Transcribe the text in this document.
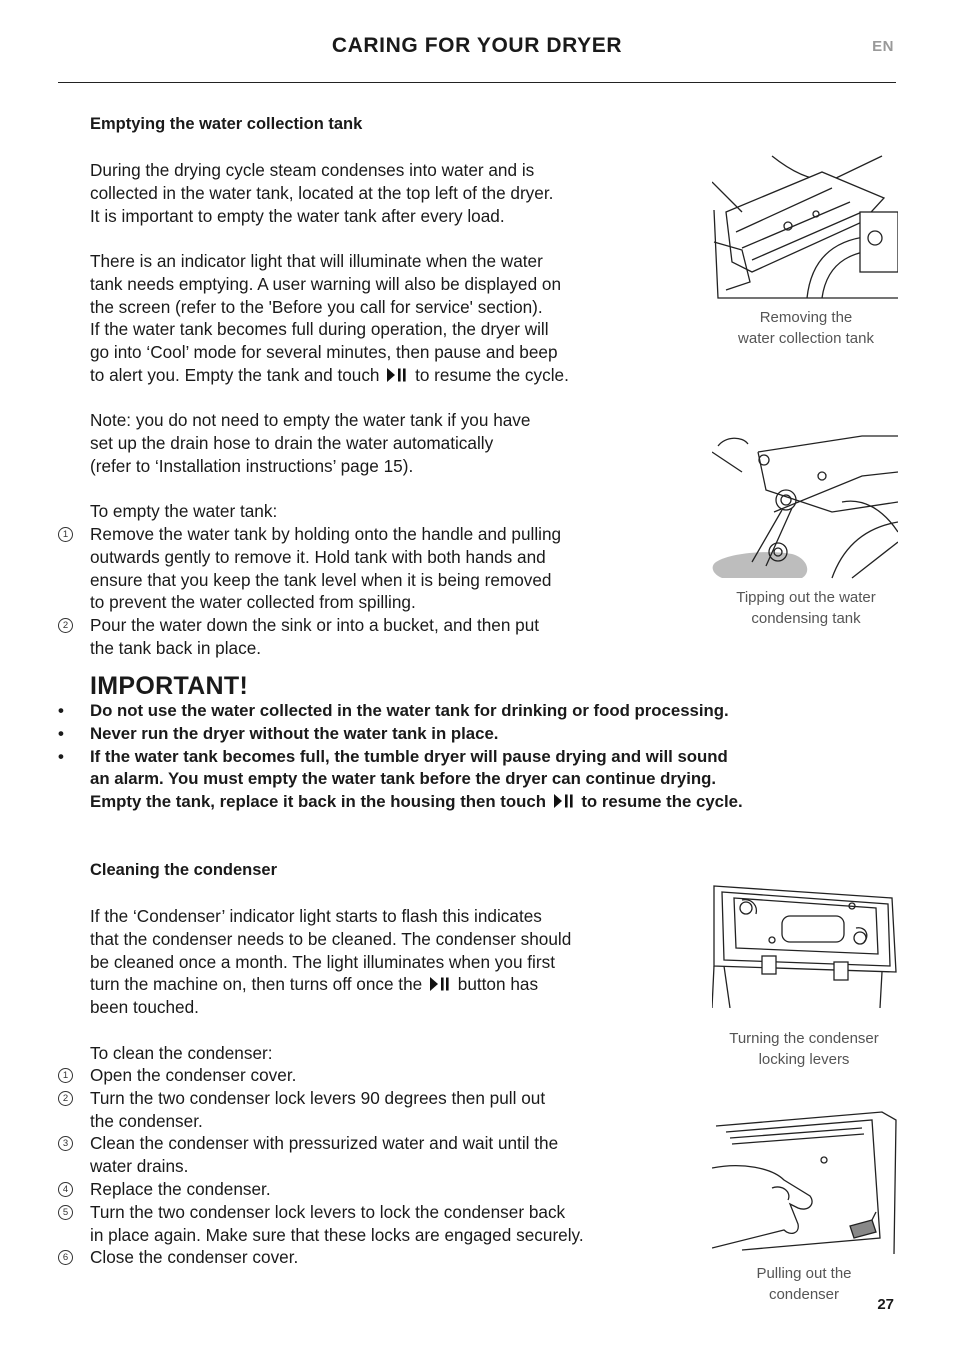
CARING FOR YOUR DRYER	EN
Emptying the water collection tank
During the drying cycle steam condenses into water and is
collected in the water tank, located at the top left of the dryer.
It is important to empty the water tank after every load.
There is an indicator light that will illuminate when the water
tank needs emptying. A user warning will also be displayed on
the screen (refer to the 'Before you call for service' section).
If the water tank becomes full during operation, the dryer will
go into ‘Cool’ mode for several minutes, then pause and beep
to alert you. Empty the tank and touch to resume the cycle.
Note: you do not need to empty the water tank if you have
set up the drain hose to drain the water automatically
(refer to ‘Installation instructions’ page 15).
To empty the water tank:
1 Remove the water tank by holding onto the handle and pulling
outwards gently to remove it. Hold tank with both hands and
ensure that you keep the tank level when it is being removed
to prevent the water collected from spilling.
2 Pour the water down the sink or into a bucket, and then put
the tank back in place.
Removing the
water collection tank
Tipping out the water
condensing tank
IMPORTANT!
• Do not use the water collected in the water tank for drinking or food processing.
• Never run the dryer without the water tank in place.
• If the water tank becomes full, the tumble dryer will pause drying and will sound
an alarm. You must empty the water tank before the dryer can continue drying.
Empty the tank, replace it back in the housing then touch to resume the cycle.
Cleaning the condenser
If the ‘Condenser’ indicator light starts to flash this indicates
that the condenser needs to be cleaned. The condenser should
be cleaned once a month. The light illuminates when you first
turn the machine on, then turns off once the button has
been touched.
To clean the condenser:
1 Open the condenser cover.
2 Turn the two condenser lock levers 90 degrees then pull out
the condenser.
3 Clean the condenser with pressurized water and wait until the
water drains.
4 Replace the condenser.
5 Turn the two condenser lock levers to lock the condenser back
in place again. Make sure that these locks are engaged securely.
6 Close the condenser cover.
Turning the condenser
locking levers
Pulling out the
condenser
27
